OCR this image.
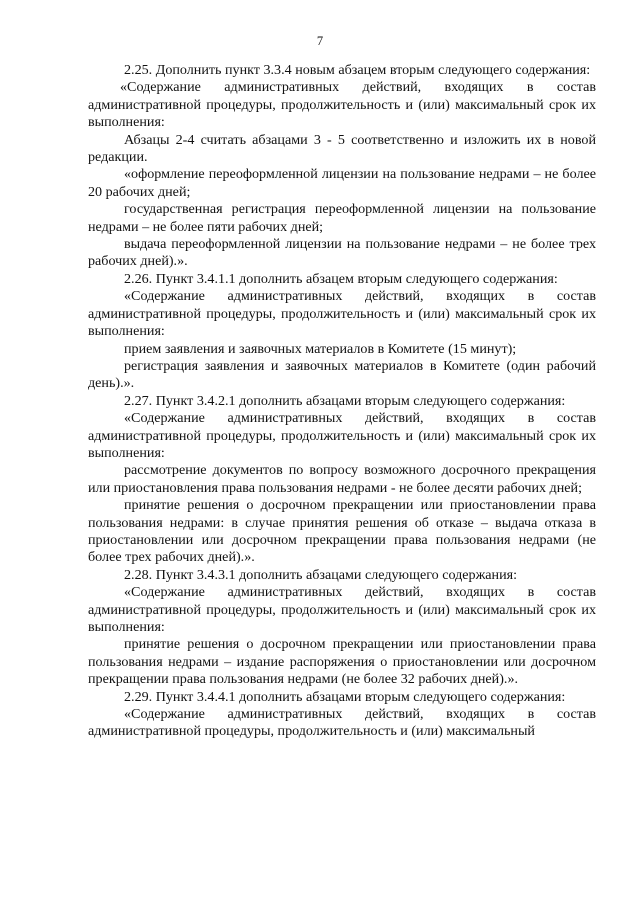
7

2.25. Дополнить пункт 3.3.4 новым абзацем вторым следующего содержания:

«Содержание административных действий, входящих в состав административной процедуры, продолжительность и (или) максимальный срок их выполнения:

Абзацы 2-4 считать абзацами 3 - 5 соответственно и изложить их в новой редакции.

«оформление переоформленной лицензии на пользование недрами – не более 20 рабочих дней;

государственная регистрация переоформленной лицензии на пользование недрами – не более пяти рабочих дней;

выдача переоформленной лицензии на пользование недрами – не более трех рабочих дней).».

2.26. Пункт 3.4.1.1 дополнить абзацем вторым следующего содержания:

«Содержание административных действий, входящих в состав административной процедуры, продолжительность и (или) максимальный срок их выполнения:

прием заявления и заявочных материалов в Комитете (15 минут);

регистрация заявления и заявочных материалов в Комитете (один рабочий день).».

2.27. Пункт 3.4.2.1 дополнить абзацами вторым следующего содержания:

«Содержание административных действий, входящих в состав административной процедуры, продолжительность и (или) максимальный срок их выполнения:

рассмотрение документов по вопросу возможного досрочного прекращения или приостановления права пользования недрами - не более десяти рабочих дней;

принятие решения о досрочном прекращении или приостановлении права пользования недрами: в случае принятия решения об отказе – выдача отказа в приостановлении или досрочном прекращении права пользования недрами (не более трех рабочих дней).».

2.28. Пункт 3.4.3.1 дополнить абзацами следующего содержания:

«Содержание административных действий, входящих в состав административной процедуры, продолжительность и (или) максимальный срок их выполнения:

принятие решения о досрочном прекращении или приостановлении права пользования недрами – издание распоряжения о приостановлении или досрочном прекращении права пользования недрами (не более 32 рабочих дней).».

2.29. Пункт 3.4.4.1 дополнить абзацами вторым следующего содержания:

«Содержание административных действий, входящих в состав административной процедуры, продолжительность и (или) максимальный
